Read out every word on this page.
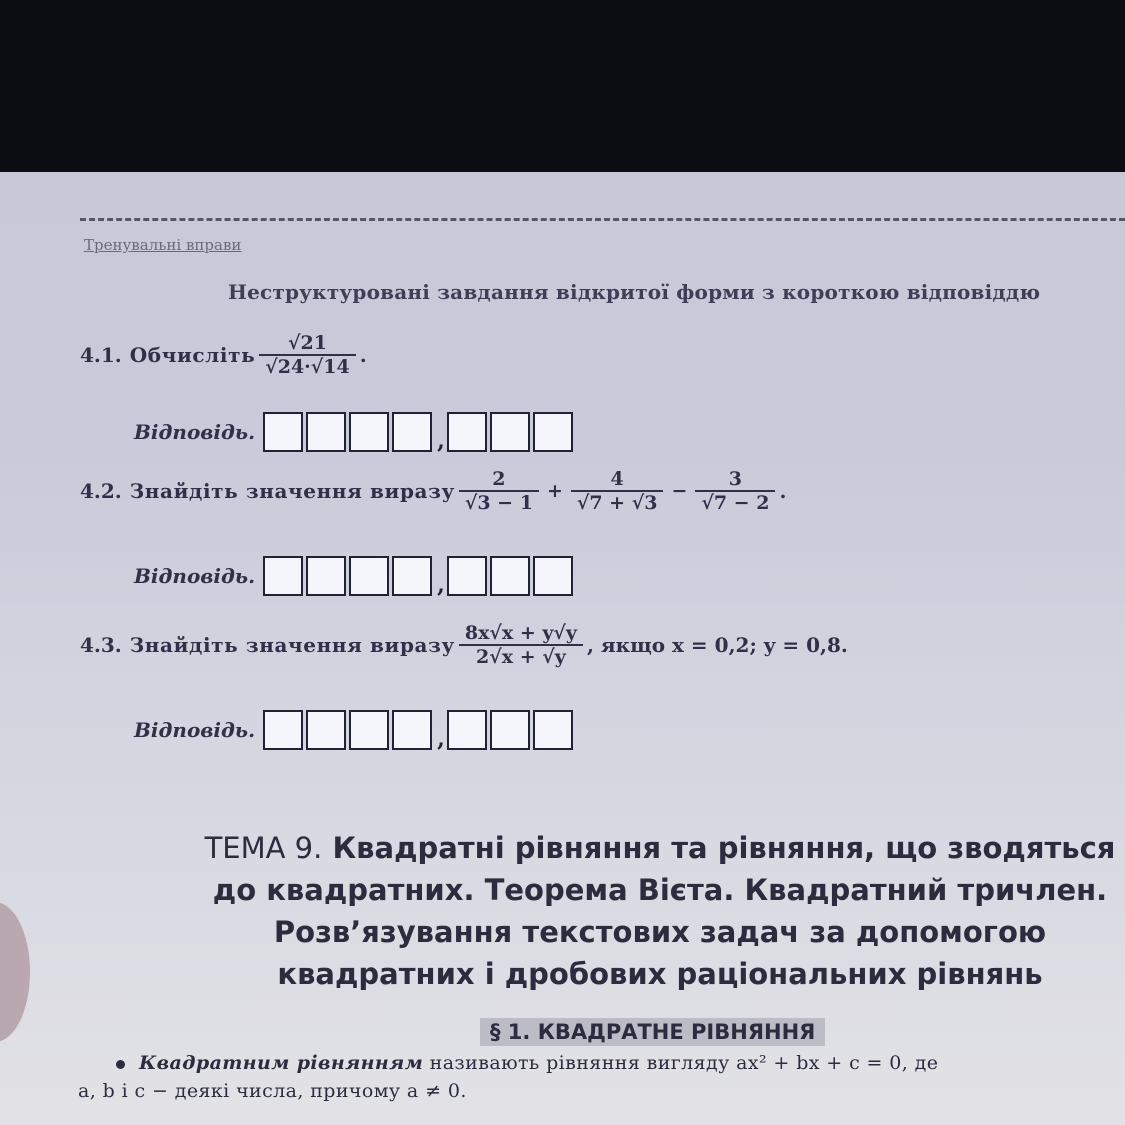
Тренувальні вправи
Неструктуровані завдання відкритої форми з короткою відповіддю
4.1. Обчисліть $\frac{√21}{√24\cdot√14}$ .
Відповідь.	,
4.2. Знайдіть значення виразу $\frac{2}{√3 - 1} + \frac{4}{√7 + √3} - \frac{3}{√7 - 2}$ .
Відповідь.	,
4.3. Знайдіть значення виразу $\frac{8x√x + y√y}{2√x + √y}$ , якщо x = 0,2; y = 0,8.
Відповідь.	,
ТЕМА 9. Квадратні рівняння та рівняння, що зводяться
до квадратних. Теорема Вієта. Квадратний тричлен.
Розв’язування текстових задач за допомогою
квадратних і дробових раціональних рівнянь
§ 1. КВАДРАТНЕ РІВНЯННЯ
Квадратним рівнянням називають рівняння вигляду ax² + bx + c = 0, де
a, b і c − деякі числа, причому a ≠ 0.
